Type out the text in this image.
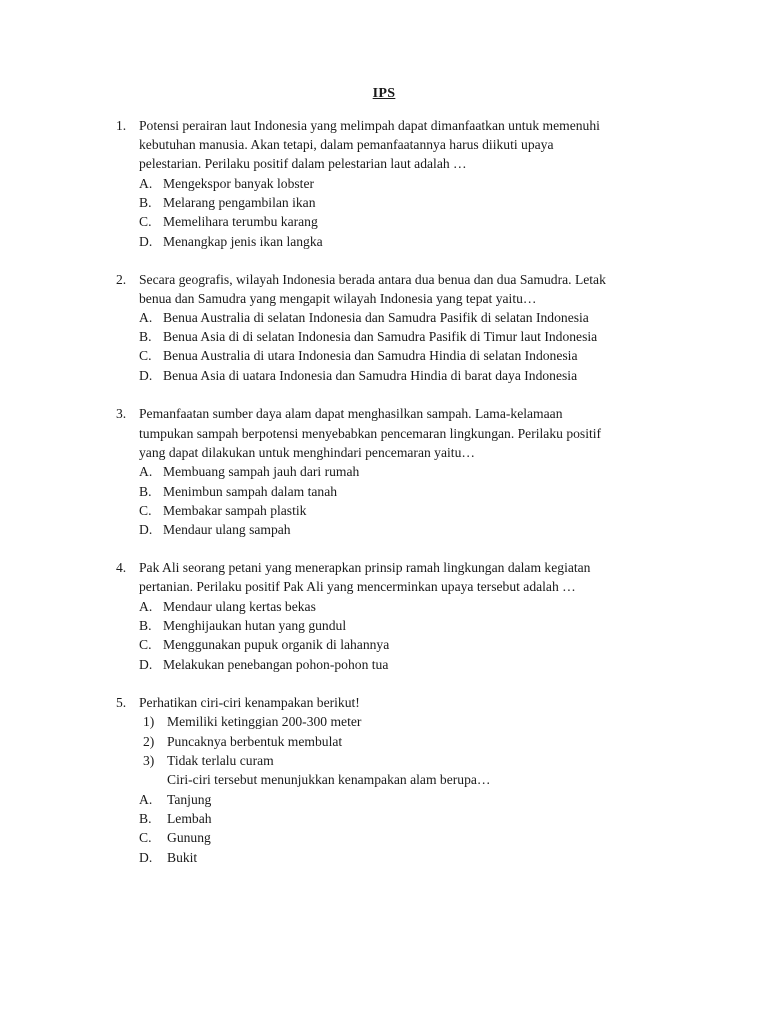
IPS
1. Potensi perairan laut Indonesia yang melimpah dapat dimanfaatkan untuk memenuhi
kebutuhan manusia. Akan tetapi, dalam pemanfaatannya harus diikuti upaya
pelestarian. Perilaku positif dalam pelestarian laut adalah …
A. Mengekspor banyak lobster
B. Melarang pengambilan ikan
C. Memelihara terumbu karang
D. Menangkap jenis ikan langka
2. Secara geografis, wilayah Indonesia berada antara dua benua dan dua Samudra. Letak
benua dan Samudra yang mengapit wilayah Indonesia yang tepat yaitu…
A. Benua Australia di selatan Indonesia dan Samudra Pasifik di selatan Indonesia
B. Benua Asia di di selatan Indonesia dan Samudra Pasifik di Timur laut Indonesia
C. Benua Australia di utara Indonesia dan Samudra Hindia di selatan Indonesia
D. Benua Asia di uatara Indonesia dan Samudra Hindia di barat daya Indonesia
3. Pemanfaatan sumber daya alam dapat menghasilkan sampah. Lama-kelamaan
tumpukan sampah berpotensi menyebabkan pencemaran lingkungan. Perilaku positif
yang dapat dilakukan untuk menghindari pencemaran yaitu…
A. Membuang sampah jauh dari rumah
B. Menimbun sampah dalam tanah
C. Membakar sampah plastik
D. Mendaur ulang sampah
4. Pak Ali seorang petani yang menerapkan prinsip ramah lingkungan dalam kegiatan
pertanian. Perilaku positif Pak Ali yang mencerminkan upaya tersebut adalah …
A. Mendaur ulang kertas bekas
B. Menghijaukan hutan yang gundul
C. Menggunakan pupuk organik di lahannya
D. Melakukan penebangan pohon-pohon tua
5. Perhatikan ciri-ciri kenampakan berikut!
1) Memiliki ketinggian 200-300 meter
2) Puncaknya berbentuk membulat
3) Tidak terlalu curam
Ciri-ciri tersebut menunjukkan kenampakan alam berupa…
A. Tanjung
B. Lembah
C. Gunung
D. Bukit
